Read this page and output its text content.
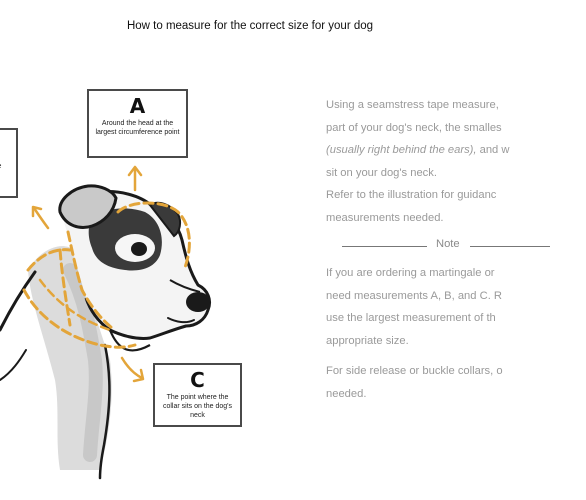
How to measure for the correct size for your dog
A
Around the head at the largest circumference point
C
The point where the collar sits on the dog's neck

Using a seamstress tape measure,

part of your dog's neck, the smalles

(usually right behind the ears), and w

sit on your dog's neck.

Refer to the illustration for guidanc

measurements needed.

Note

If you are ordering a martingale or

need measurements A, B, and C. R

use the largest measurement of th

appropriate size.

For side release or buckle collars, o

needed.
